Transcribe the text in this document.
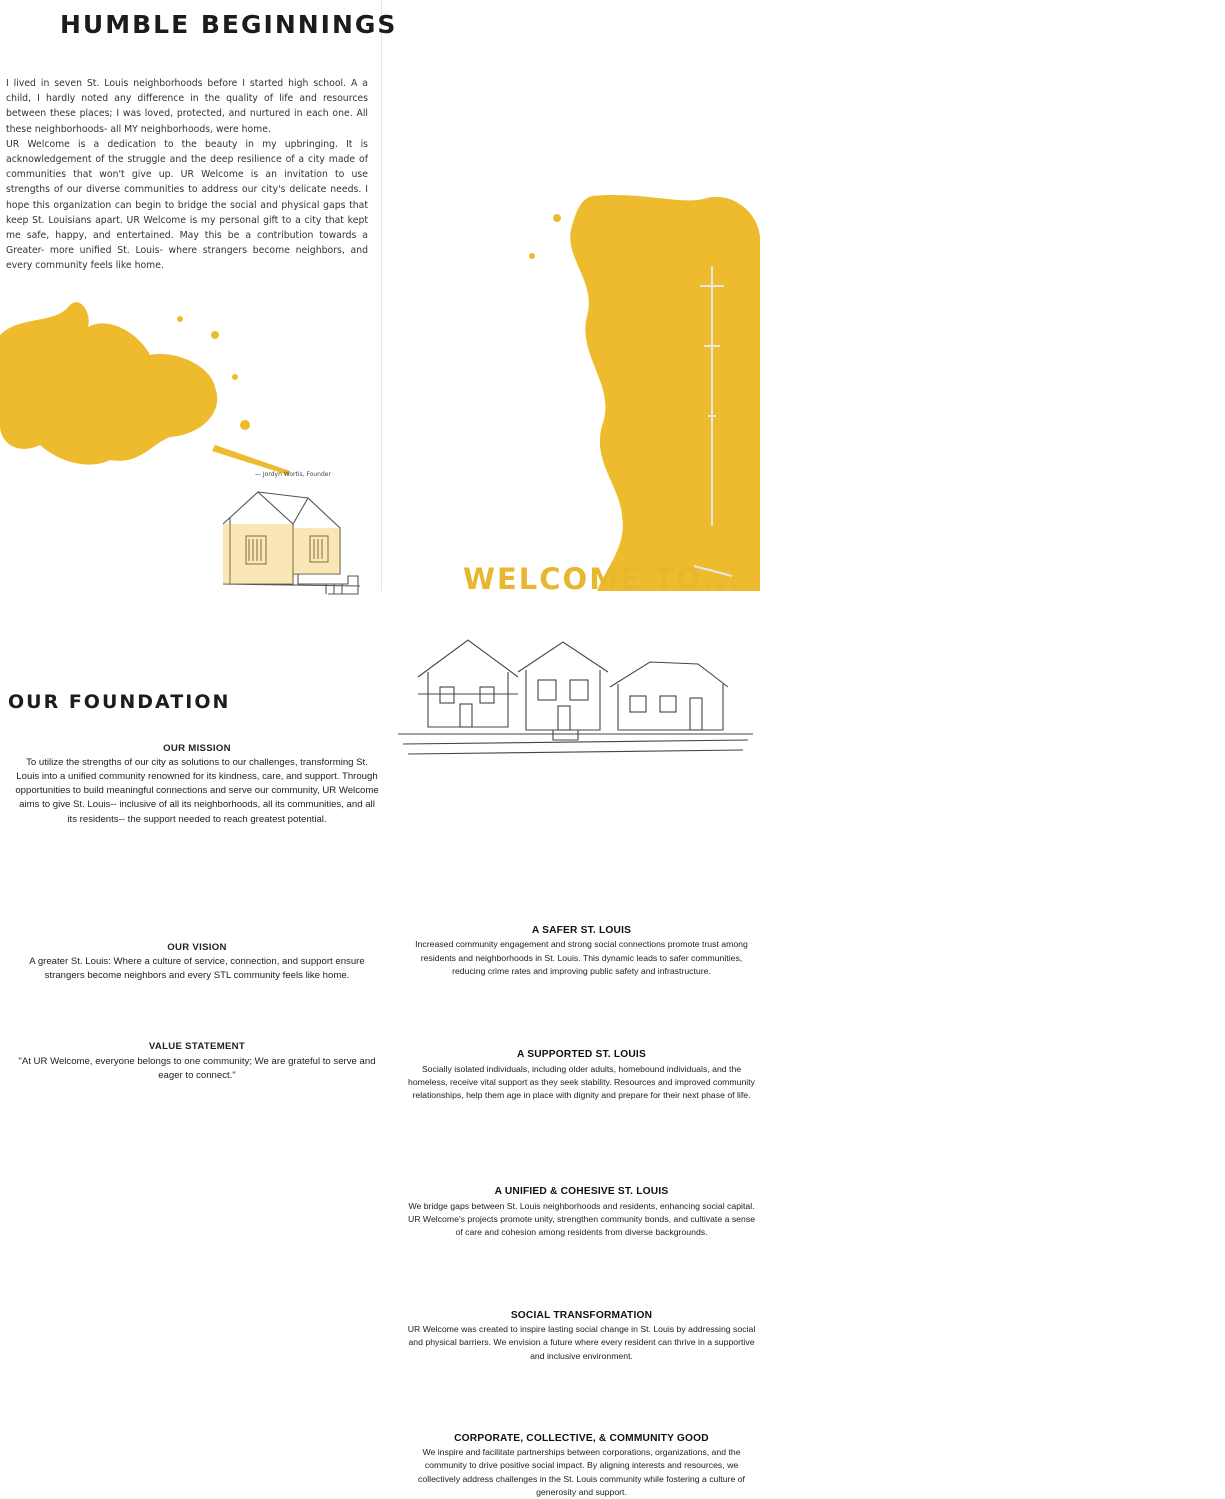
HUMBLE BEGINNINGS

I lived in seven St. Louis neighborhoods before I started high school. A a child, I hardly noted any difference in the quality of life and resources between these places; I was loved, protected, and nurtured in each one. All these neighborhoods- all MY neighborhoods, were home.

UR Welcome is a dedication to the beauty in my upbringing. It is acknowledgement of the struggle and the deep resilience of a city made of communities that won't give up. UR Welcome is an invitation to use strengths of our diverse communities to address our city's delicate needs. I hope this organization can begin to bridge the social and physical gaps that keep St. Louisians apart. UR Welcome is my personal gift to a city that kept me safe, happy, and entertained. May this be a contribution towards a Greater- more unified St. Louis- where strangers become neighbors, and every community feels like home.

— Jordyn Wortis, Founder
OUR FOUNDATION
OUR MISSION

To utilize the strengths of our city as solutions to our challenges, transforming St. Louis into a unified community renowned for its kindness, care, and support. Through opportunities to build meaningful connections and serve our community, UR Welcome aims to give St. Louis-- inclusive of all its neighborhoods, all its communities, and all its residents-- the support needed to reach greatest potential.

OUR VISION

A greater St. Louis: Where a culture of service, connection, and support ensure strangers become neighbors and every STL community feels like home.

VALUE STATEMENT

"At UR Welcome, everyone belongs to one community; We are grateful to serve and eager to connect."

WELCOME TO...
A SAFER ST. LOUIS

Increased community engagement and strong social connections promote trust among residents and neighborhoods in St. Louis. This dynamic leads to safer communities, reducing crime rates and improving public safety and infrastructure.

A SUPPORTED ST. LOUIS

Socially isolated individuals, including older adults, homebound individuals, and the homeless, receive vital support as they seek stability. Resources and improved community relationships, help them age in place with dignity and prepare for their next phase of life.

A UNIFIED & COHESIVE ST. LOUIS

We bridge gaps between St. Louis neighborhoods and residents, enhancing social capital. UR Welcome's projects promote unity, strengthen community bonds, and cultivate a sense of care and cohesion among residents from diverse backgrounds.

SOCIAL TRANSFORMATION

UR Welcome was created to inspire lasting social change in St. Louis by addressing social and physical barriers. We envision a future where every resident can thrive in a supportive and inclusive environment.

CORPORATE, COLLECTIVE, & COMMUNITY GOOD

We inspire and facilitate partnerships between corporations, organizations, and the community to drive positive social impact. By aligning interests and resources, we collectively address challenges in the St. Louis community while fostering a culture of generosity and support.
